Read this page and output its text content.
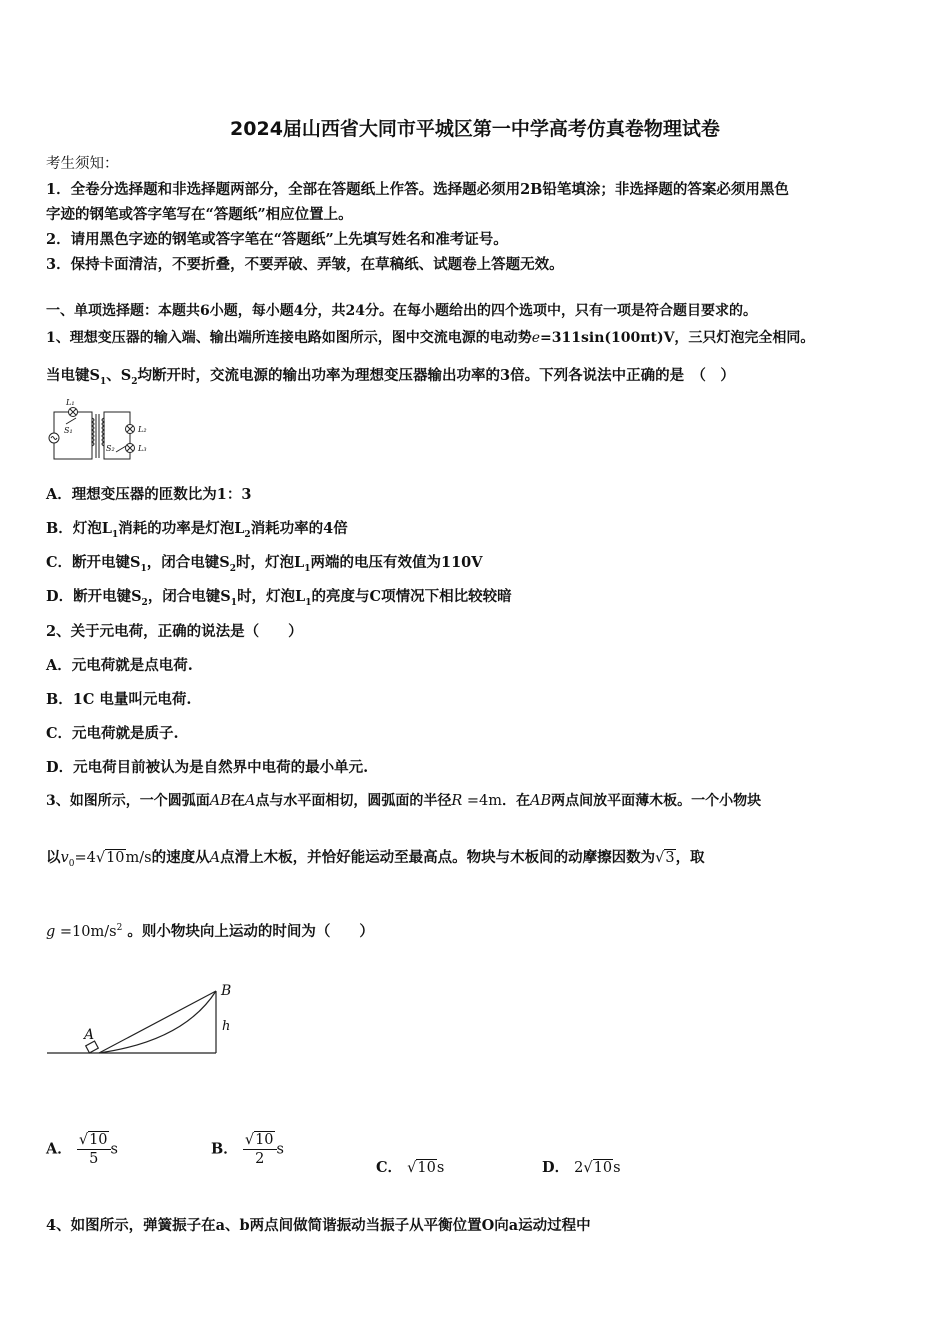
2024届山西省大同市平城区第一中学高考仿真卷物理试卷
考生须知：
1．全卷分选择题和非选择题两部分，全部在答题纸上作答。选择题必须用2B铅笔填涂；非选择题的答案必须用黑色
字迹的钢笔或答字笔写在“答题纸”相应位置上。
2．请用黑色字迹的钢笔或答字笔在“答题纸”上先填写姓名和准考证号。
3．保持卡面清洁，不要折叠，不要弄破、弄皱，在草稿纸、试题卷上答题无效。
一、单项选择题：本题共6小题，每小题4分，共24分。在每小题给出的四个选项中，只有一项是符合题目要求的。
1、理想变压器的输入端、输出端所连接电路如图所示，图中交流电源的电动势e=311sin(100πt)V，三只灯泡完全相同。
当电键$S_1$、$S_2$均断开时，交流电源的输出功率为理想变压器输出功率的3倍。下列各说法中正确的是　（　）
L₁
S₁	L₂
S₂	L₃
A．理想变压器的匝数比为1：3
B．灯泡$L_1$消耗的功率是灯泡$L_2$消耗功率的4倍
C．断开电键$S_1$，闭合电键$S_2$时，灯泡$L_1$两端的电压有效值为110V
D．断开电键$S_2$，闭合电键$S_1$时，灯泡$L_1$的亮度与C项情况下相比较较暗
2、关于元电荷，正确的说法是（　　）
A．元电荷就是点电荷.
B．1C 电量叫元电荷.
C．元电荷就是质子.
D．元电荷目前被认为是自然界中电荷的最小单元.
3、如图所示，一个圆弧面AB在A点与水平面相切，圆弧面的半径R =4m．在AB两点间放平面薄木板。一个小物块
以$v_0=4√10m/s$的速度从A点滑上木板，并恰好能运动至最高点。物块与木板间的动摩擦因数为√3，取
$g =10m/s^2$ 。则小物块向上运动的时间为（　　）
A
B
h
A． $\frac{√10}{5}$ s	B． $\frac{√10}{2}$ s
C． √10s	D． 2√10s
4、如图所示，弹簧振子在a、b两点间做简谐振动当振子从平衡位置O向a运动过程中
